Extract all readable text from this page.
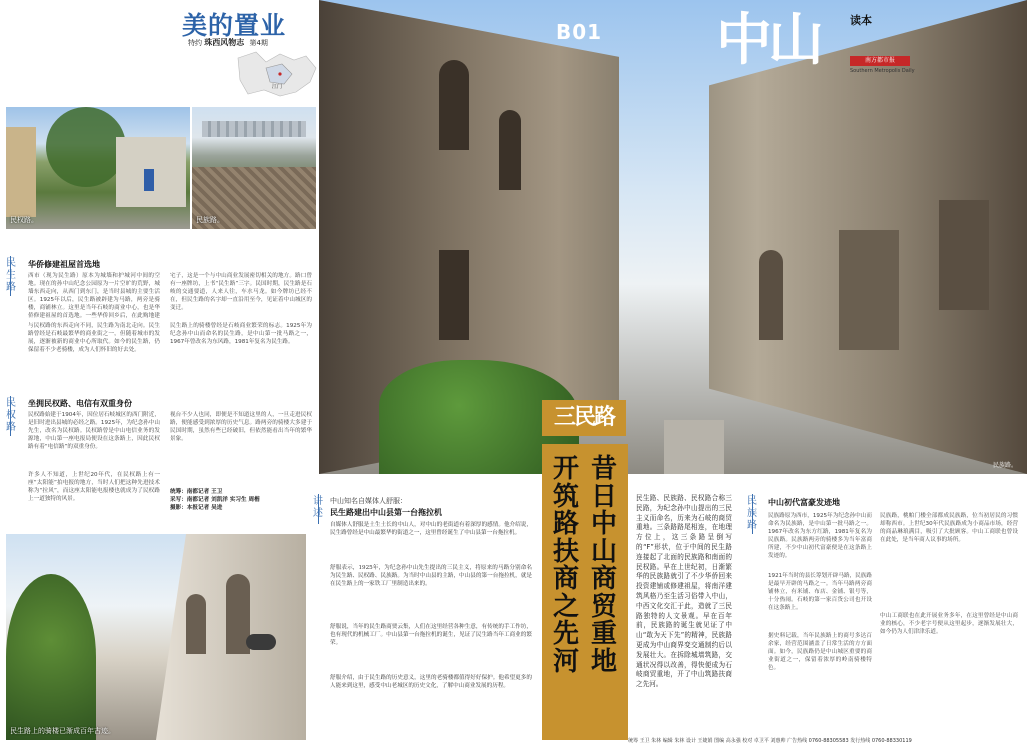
美的置业
特约 珠西风物志 第4期
江门
民权路。	民族路。
民族路。
B01 中山	读本
南方都市报
Southern Metropolis Daily
民生路
华侨修建祖屋首选地
西市（现为民生路）原本为城墙和护城河中间的空地。现在的孙中山纪念公园原为一片空旷的荒野，城墙东西走向，从西门到东门，是当时县城的主要生活区。1925年以后，民生路被辟建为马路，两旁是骑楼，商铺林立。这里是当年石岐的商业中心，也是华侨修建祖屋的首选地。一些华侨回乡后，在此购地建
与民权路的东西走向不同，民生路为南北走向。民生路曾经是石岐最繁华的商业街之一，但随着城市的发展，逐渐被新的商业中心所取代。如今的民生路，仍保留着不少老骑楼，成为人们怀旧的好去处。
宅子，这是一个与中山商业发展密切相关的地方。路口曾有一座牌坊，上书“民生路”三字。民国时期，民生路是石岐的交通要道，人来人往，车水马龙。如今牌坊已经不在，但民生路的名字却一直沿用至今，见证着中山城区的变迁。
民生路上的骑楼曾经是石岐商业繁荣的标志。1925年为纪念孙中山而命名的民生路，是中山第一批马路之一，1967年曾改名为东风路，1981年复名为民生路。
民权路
坐拥民权路、电信有双重身份
民权路始建于1904年，因位居石岐城区的西门附近，是旧时进出县城的必经之路。1925年，为纪念孙中山先生，改名为民权路。民权路曾是中山电信业务的发源地，中山第一座电报局便设在这条路上，因此民权路有着“电信路”的双重身份。
许多人不知道，上世纪20年代，在民权路上有一座“太阳能”拍电报的地方，当时人们把这种先进技术称为“拉风”，而这座太阳能电报楼也就成为了民权路上一道独特的风景。
视台不少人也同，即便是不知道这里的人，一旦走进民权路，便能感受到浓厚的历史气息。路两旁的骑楼大多建于民国时期，虽然有些已经破旧，但依然能看出当年的繁华景象。
统筹：南都记者 王卫
采写：南都记者 刘凯洋 实习生 周楷
摄影：本报记者 吴进
民生路上的骑楼已渐成百年古迹。
讲述
中山知名自媒体人舒服：
民生路建出中山县第一台拖拉机
自媒体人舒服是土生土长的中山人，对中山的老街道有着深厚的感情。他介绍说，民生路曾经是中山最繁华的街道之一，这里曾经诞生了中山县第一台拖拉机。
舒服表示，1925年，为纪念孙中山先生提出的三民主义，将原来的马路分别命名为民生路、民权路、民族路。为当时中山县的主路，中山县的第一台拖拉机，就是在民生路上的一家铁工厂里制造出来的。
舒服说，当年的民生路商贾云集，人们在这里经营各种生意，有传统的手工作坊，也有现代的机械工厂。中山县第一台拖拉机的诞生，见证了民生路当年工商业的繁荣。
舒服介绍，由于民生路的历史意义，这里的老骑楼都值得好好保护。他希望更多的人能来到这里，感受中山老城区的历史文化，了解中山商业发展的历程。
三民路
昔日中山商贸重地
开筑路扶商之先河
民生路、民族路、民权路合称三民路，为纪念孙中山提出的三民主义而命名，历来为石岐的商贸重地。三条路路尾相连，在地理方位上，这三条路呈倒写的“F”形状，位于中间的民生路连接起了北面的民族路和南面的民权路。早在上世纪初，日渐繁华的民族路就引了不少华侨回来投资建铺或修建祖屋，将南洋建筑风格乃至生活习俗带入中山，中西文化交汇于此，造就了三民路独特的人文景观。早在百年前，民族路的诞生就见证了中山“敢为天下先”的精神，民族路更成为中山商界变交通制约后以发展壮大。在拆除城墙筑路，交通状况得以改善，得快便成为石岐商贸重地，开了中山筑路扶商之先河。
民族路
中山初代富豪发迹地
民族路原为西市，1925年为纪念孙中山而命名为民族路，是中山第一批马路之一。1967年改名为东方红路，1981年复名为民族路。民族路两旁的骑楼多为当年富商所建，不少中山初代富豪便是在这条路上发迹的。
1921年当时的县长筹划开辟马路，民族路是最早开辟的马路之一。当年马路两旁商铺林立，有米铺、布店、金铺、银号等，十分热闹。石岐的第一家百货公司也开设在这条路上。
据史料记载，当年民族路上的商号多达百余家，经营范围涵盖了日常生活的方方面面。如今，民族路仍是中山城区重要的商业街道之一，保留着浓厚的岭南骑楼特色。
民族路，桃帕门楼全部都成民族路，位当初居民的习惯却称西市。上世纪30年代民族路成为小商品市场，经营的商品琳琅满目，吸引了大批顾客。中山工商联也曾设在此处，是当年商人议事的场所。
中山工商联也在此开展业务多年，在这里曾经是中山商业的核心，不少老字号便从这里起步，逐渐发展壮大，如今仍为人们津津乐道。
统筹 王卫 朱林 编辑 朱林 设计 王婕娟 图编 高永强 校对 卓卫平 刘惠帅 广告热线 0760-88305583 发行热线 0760-88330119
